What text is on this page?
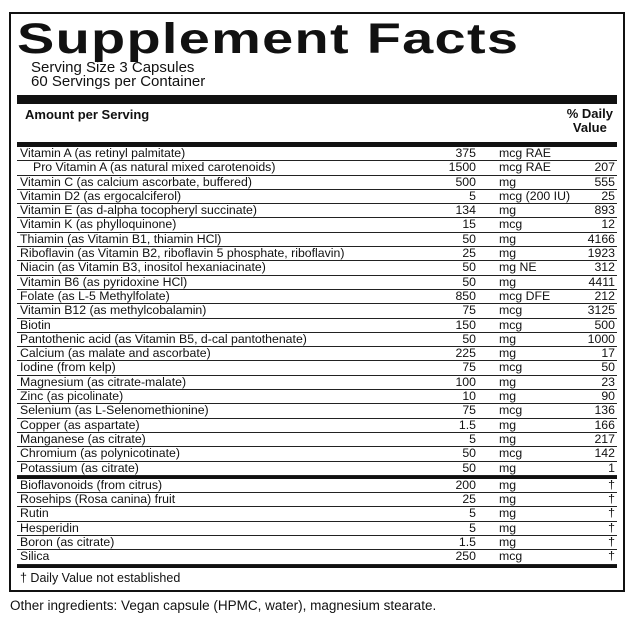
Supplement Facts
Serving Size 3 Capsules
60 Servings per Container
Amount per Serving	% Daily
Value
Vitamin A (as retinyl palmitate)	375 mcg RAE
Pro Vitamin A (as natural mixed carotenoids)	1500 mcg RAE	207
Vitamin C (as calcium ascorbate, buffered)	500 mg	555
Vitamin D2 (as ergocalciferol)	5 mcg (200 IU)	25
Vitamin E (as d-alpha tocopheryl succinate)	134 mg	893
Vitamin K (as phylloquinone)	15 mcg	12
Thiamin (as Vitamin B1, thiamin HCl)	50 mg	4166
Riboflavin (as Vitamin B2, riboflavin 5 phosphate, riboflavin)	25 mg	1923
Niacin (as Vitamin B3, inositol hexaniacinate)	50 mg NE	312
Vitamin B6 (as pyridoxine HCl)	50 mg	4411
Folate (as L-5 Methylfolate)	850 mcg DFE	212
Vitamin B12 (as methylcobalamin)	75 mcg	3125
Biotin	150 mcg	500
Pantothenic acid (as Vitamin B5, d-cal pantothenate)	50 mg	1000
Calcium (as malate and ascorbate)	225 mg	17
Iodine (from kelp)	75 mcg	50
Magnesium (as citrate-malate)	100 mg	23
Zinc (as picolinate)	10 mg	90
Selenium (as L-Selenomethionine)	75 mcg	136
Copper (as aspartate)	1.5 mg	166
Manganese (as citrate)	5 mg	217
Chromium (as polynicotinate)	50 mcg	142
Potassium (as citrate)	50 mg	1
Bioflavonoids (from citrus)	200 mg	†
Rosehips (Rosa canina) fruit	25 mg	†
Rutin	5 mg	†
Hesperidin	5 mg	†
Boron (as citrate)	1.5 mg	†
Silica	250 mcg	†
† Daily Value not established
Other ingredients: Vegan capsule (HPMC, water), magnesium stearate.
